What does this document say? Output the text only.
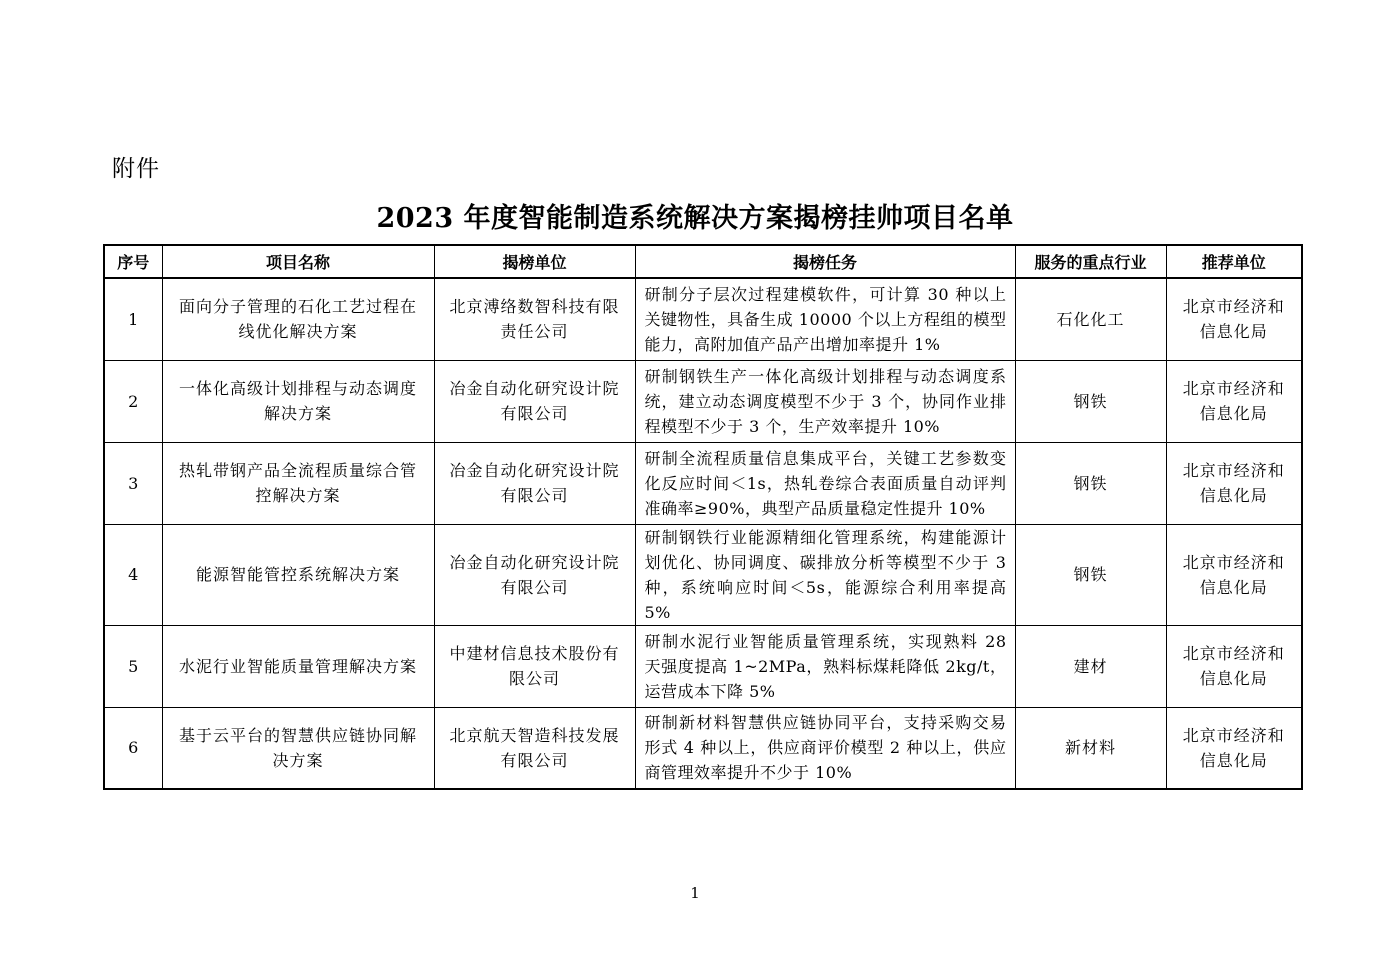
附件
2023 年度智能制造系统解决方案揭榜挂帅项目名单
序号	项目名称	揭榜单位	揭榜任务	服务的重点行业	推荐单位
1	面向分子管理的石化工艺过程在线优化解决方案	北京溥络数智科技有限责任公司	研制分子层次过程建模软件，可计算 30 种以上关键物性，具备生成 10000 个以上方程组的模型能力，高附加值产品产出增加率提升 1%	石化化工	北京市经济和信息化局
2	一体化高级计划排程与动态调度解决方案	冶金自动化研究设计院有限公司	研制钢铁生产一体化高级计划排程与动态调度系统，建立动态调度模型不少于 3 个，协同作业排程模型不少于 3 个，生产效率提升 10%	钢铁	北京市经济和信息化局
3	热轧带钢产品全流程质量综合管控解决方案	冶金自动化研究设计院有限公司	研制全流程质量信息集成平台，关键工艺参数变化反应时间＜1s，热轧卷综合表面质量自动评判准确率≥90%，典型产品质量稳定性提升 10%	钢铁	北京市经济和信息化局
4	能源智能管控系统解决方案	冶金自动化研究设计院有限公司	研制钢铁行业能源精细化管理系统，构建能源计划优化、协同调度、碳排放分析等模型不少于 3 种，系统响应时间＜5s，能源综合利用率提高 5%	钢铁	北京市经济和信息化局
5	水泥行业智能质量管理解决方案	中建材信息技术股份有限公司	研制水泥行业智能质量管理系统，实现熟料 28 天强度提高 1~2MPa，熟料标煤耗降低 2kg/t，运营成本下降 5%	建材	北京市经济和信息化局
6	基于云平台的智慧供应链协同解决方案	北京航天智造科技发展有限公司	研制新材料智慧供应链协同平台，支持采购交易形式 4 种以上，供应商评价模型 2 种以上，供应商管理效率提升不少于 10%	新材料	北京市经济和信息化局
1
